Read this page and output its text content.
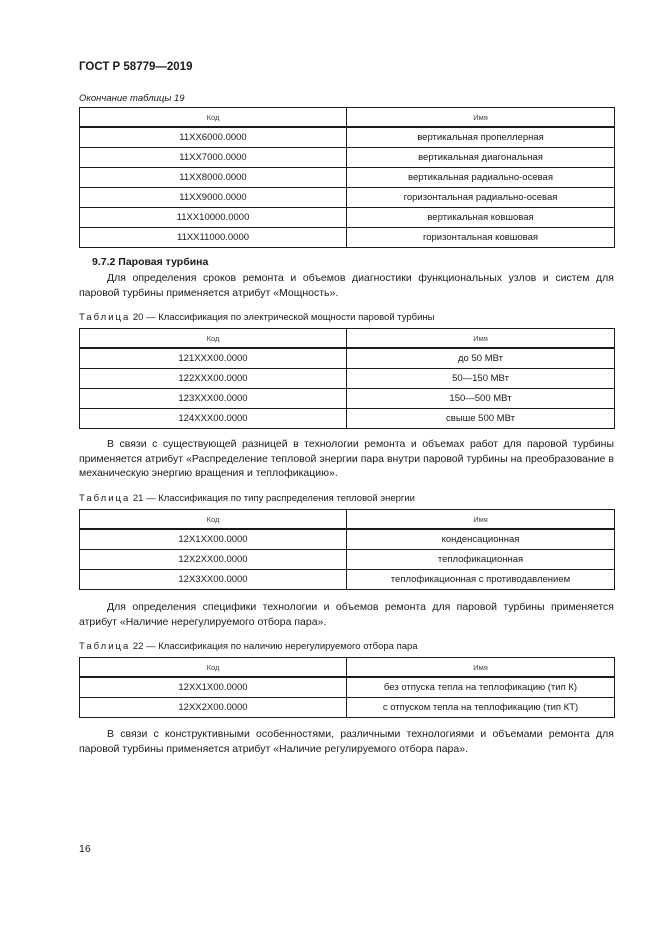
ГОСТ Р 58779—2019
Окончание таблицы 19
Код	Имя
11XX6000.0000	вертикальная пропеллерная
11XX7000.0000	вертикальная диагональная
11XX8000.0000	вертикальная радиально-осевая
11XX9000.0000	горизонтальная радиально-осевая
11XX10000.0000	вертикальная ковшовая
11XX11000.0000	горизонтальная ковшовая
9.7.2 Паровая турбина
Для определения сроков ремонта и объемов диагностики функциональных узлов и систем для паровой турбины применяется атрибут «Мощность».
Таблица 20 — Классификация по электрической мощности паровой турбины
Код	Имя
121XXX00.0000	до 50 МВт
122XXX00.0000	50—150 МВт
123XXX00.0000	150—500 МВт
124XXX00.0000	свыше 500 МВт
В связи с существующей разницей в технологии ремонта и объемах работ для паровой турбины применяется атрибут «Распределение тепловой энергии пара внутри паровой турбины на преобразование в механическую энергию вращения и теплофикацию».
Таблица 21 — Классификация по типу распределения тепловой энергии
Код	Имя
12X1XX00.0000	конденсационная
12X2XX00.0000	теплофикационная
12X3XX00.0000	теплофикационная с противодавлением
Для определения специфики технологии и объемов ремонта для паровой турбины применяется атрибут «Наличие нерегулируемого отбора пара».
Таблица 22 — Классификация по наличию нерегулируемого отбора пара
Код	Имя
12XX1X00.0000	без отпуска тепла на теплофикацию (тип К)
12XX2X00.0000	с отпуском тепла на теплофикацию (тип КТ)
В связи с конструктивными особенностями, различными технологиями и объемами ремонта для паровой турбины применяется атрибут «Наличие регулируемого отбора пара».
16
